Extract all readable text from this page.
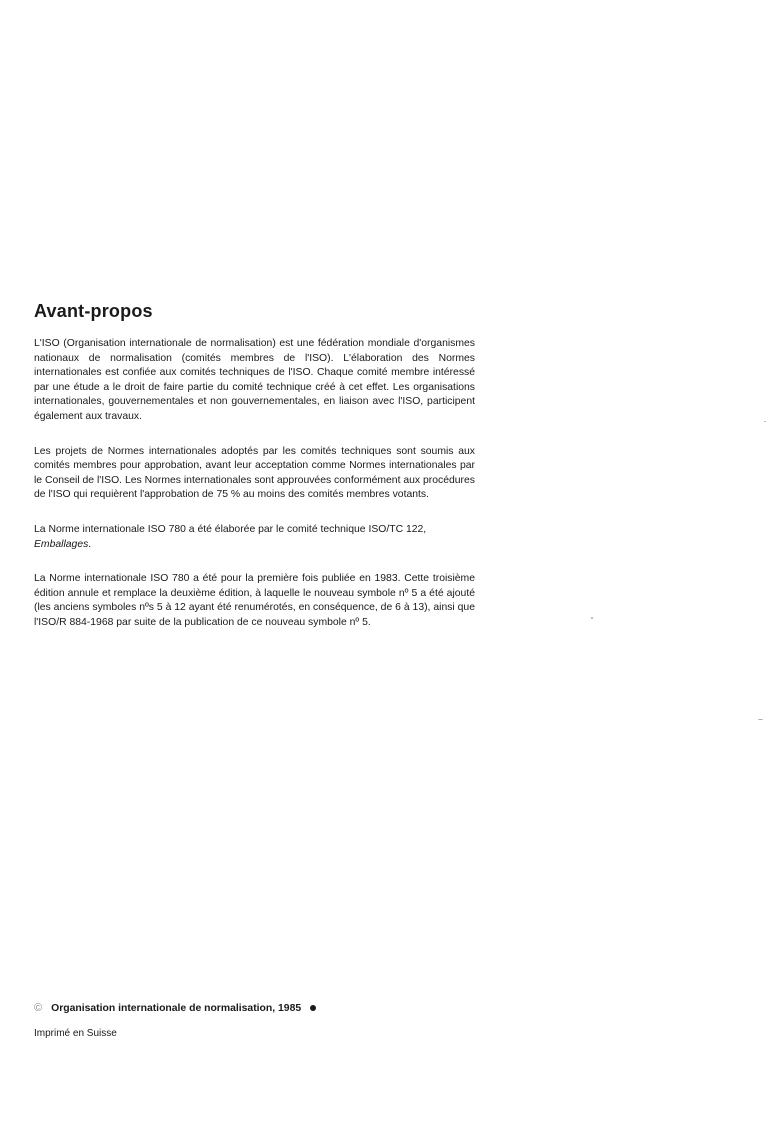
Avant-propos

L'ISO (Organisation internationale de normalisation) est une fédération mondiale d'organismes nationaux de normalisation (comités membres de l'ISO). L'élaboration des Normes internationales est confiée aux comités techniques de l'ISO. Chaque comité membre intéressé par une étude a le droit de faire partie du comité technique créé à cet effet. Les organisations internationales, gouvernementales et non gouvernementales, en liaison avec l'ISO, participent également aux travaux.

Les projets de Normes internationales adoptés par les comités techniques sont soumis aux comités membres pour approbation, avant leur acceptation comme Normes internationales par le Conseil de l'ISO. Les Normes internationales sont approuvées conformément aux procédures de l'ISO qui requièrent l'approbation de 75 % au moins des comités membres votants.

La Norme internationale ISO 780 a été élaborée par le comité technique ISO/TC 122,
Emballages.

La Norme internationale ISO 780 a été pour la première fois publiée en 1983. Cette troisième édition annule et remplace la deuxième édition, à laquelle le nouveau symbole nº 5 a été ajouté (les anciens symboles nºs 5 à 12 ayant été renumérotés, en conséquence, de 6 à 13), ainsi que l'ISO/R 884-1968 par suite de la publication de ce nouveau symbole nº 5.

© Organisation internationale de normalisation, 1985
Imprimé en Suisse
